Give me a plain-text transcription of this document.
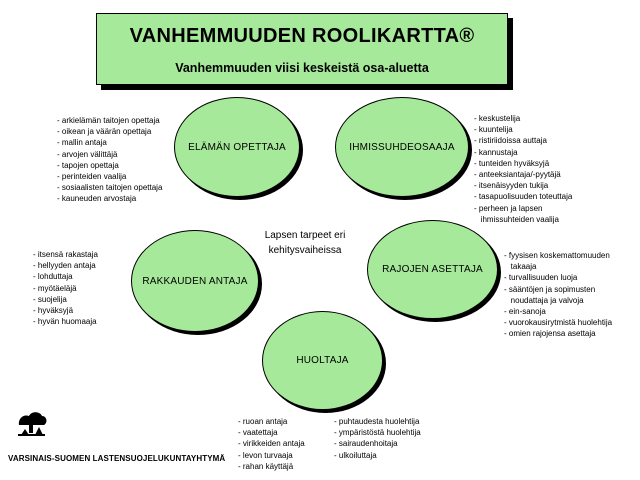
VANHEMMUUDEN ROOLIKARTTA®
Vanhemmuuden viisi keskeistä osa-aluetta
ELÄMÄN OPETTAJA	IHMISSUHDEOSAAJA
RAKKAUDEN ANTAJA
RAJOJEN ASETTAJA
HUOLTAJA
Lapsen tarpeet eri
kehitysvaiheissa
- arkielämän taitojen opettaja
- oikean ja väärän opettaja
- mallin antaja
- arvojen välittäjä
- tapojen opettaja
- perinteiden vaalija
- sosiaalisten taitojen opettaja
- kauneuden arvostaja
- keskustelija
- kuuntelija
- ristiriidoissa auttaja
- kannustaja
- tunteiden hyväksyjä
- anteeksiantaja/-pyytäjä
- itsenäisyyden tukija
- tasapuolisuuden toteuttaja
- perheen ja lapsen
ihmissuhteiden vaalija
- itsensä rakastaja
- hellyyden antaja
- lohduttaja
- myötäeläjä
- suojelija
- hyväksyjä
- hyvän huomaaja
- fyysisen koskemattomuuden
takaaja
- turvallisuuden luoja
- sääntöjen ja sopimusten
noudattaja ja valvoja
- ein-sanoja
- vuorokausirytmistä huolehtija
- omien rajojensa asettaja
- ruoan antaja
- vaatettaja
- virikkeiden antaja
- levon turvaaja
- rahan käyttäjä
- puhtaudesta huolehtija
- ympäristöstä huolehtija
- sairaudenhoitaja
- ulkoiluttaja
VARSINAIS-SUOMEN LASTENSUOJELUKUNTAYHTYMÄ
